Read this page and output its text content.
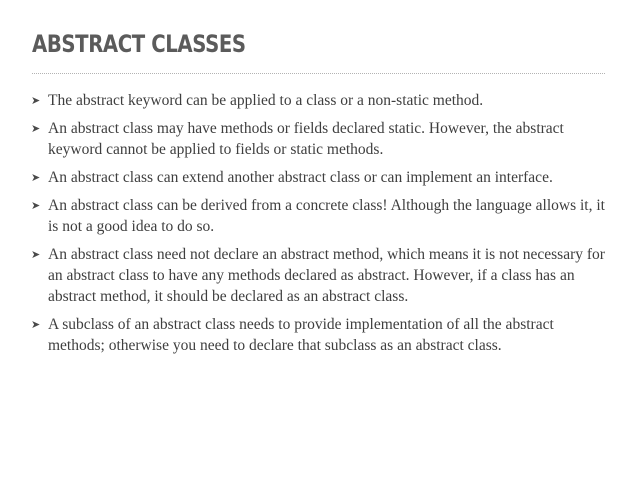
ABSTRACT CLASSES
➤ The abstract keyword can be applied to a class or a non-static method.
➤ An abstract class may have methods or fields declared static. However, the abstract keyword cannot be applied to fields or static methods.
➤ An abstract class can extend another abstract class or can implement an interface.
➤ An abstract class can be derived from a concrete class! Although the language allows it, it is not a good idea to do so.
➤ An abstract class need not declare an abstract method, which means it is not necessary for an abstract class to have any methods declared as abstract. However, if a class has an abstract method, it should be declared as an abstract class.
➤ A subclass of an abstract class needs to provide implementation of all the abstract methods; otherwise you need to declare that subclass as an abstract class.
